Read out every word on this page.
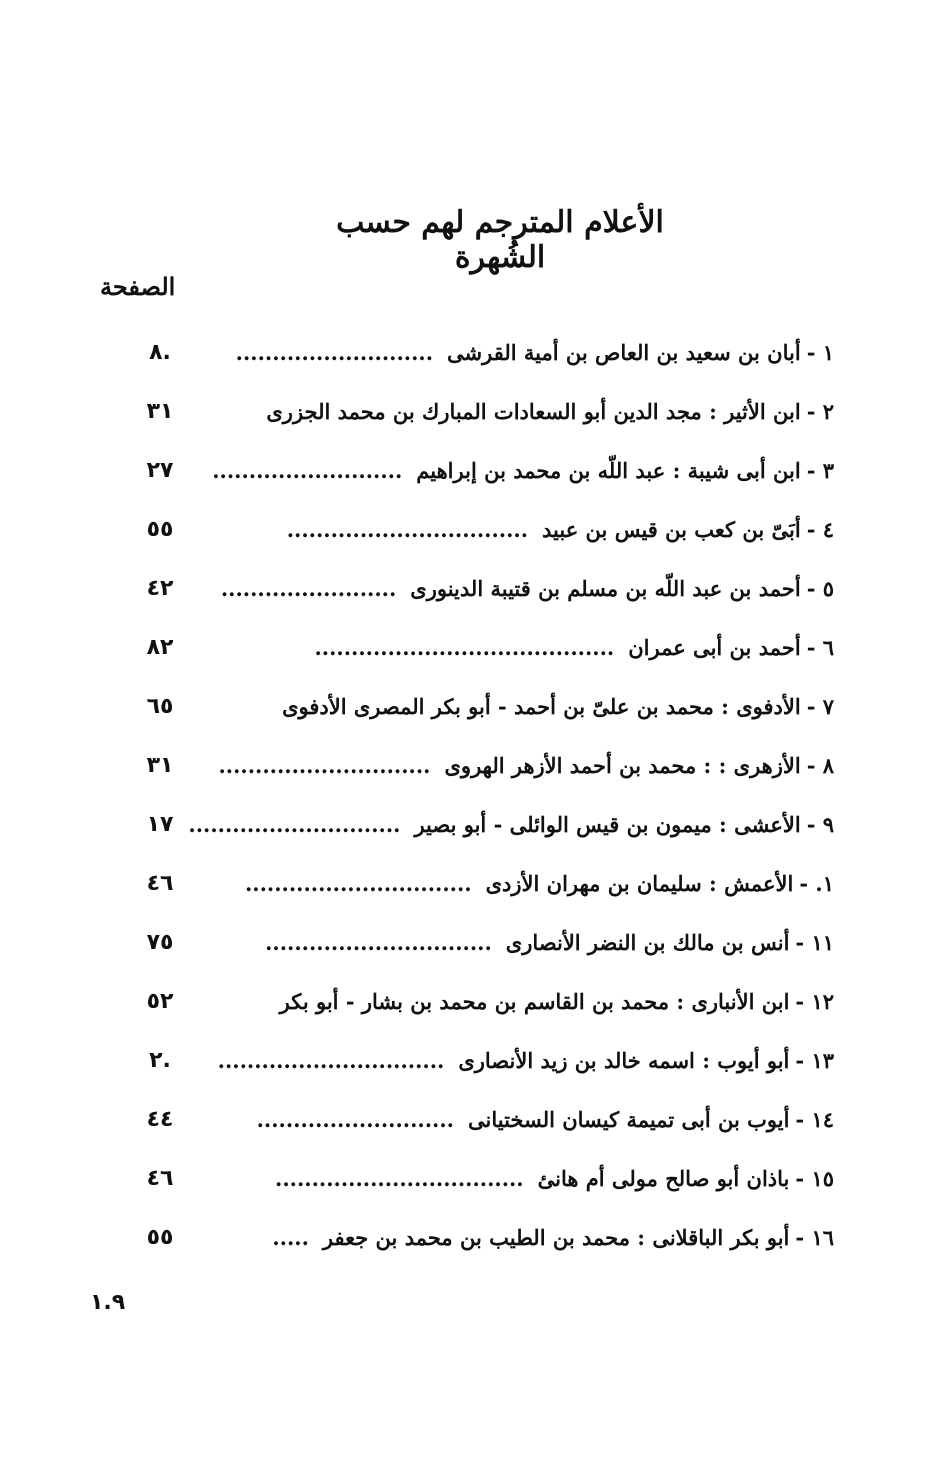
الأعلام المترجم لهم حسب الشُهرة
الصفحة
١ -أبان بن سعيد بن العاص بن أمية القرشى...........................
٨.
٢ -ابن الأثير : مجد الدين أبو السعادات المبارك بن محمد الجزرى
٣١
٣ -ابن أبى شيبة : عبد اللّه بن محمد بن إبراهيم..........................
٢٧
٤ -أبَىّ بن كعب بن قيس بن عبيد.................................
٥٥
٥ -أحمد بن عبد اللّه بن مسلم بن قتيبة الدينورى........................
٤٢
٦ -أحمد بن أبى عمران.........................................
٨٢
٧ -الأدفوى : محمد بن علىّ بن أحمد - أبو بكر المصرى الأدفوى
٦٥
٨ -الأزهرى : : محمد بن أحمد الأزهر الهروى.............................
٣١
٩ -الأعشى : ميمون بن قيس الوائلى - أبو بصير.............................
١٧
١. -الأعمش : سليمان بن مهران الأزدى...............................
٤٦
١١ -أنس بن مالك بن النضر الأنصارى...............................
٧٥
١٢ -ابن الأنبارى : محمد بن القاسم بن محمد بن بشار - أبو بكر
٥٢
١٣ -أبو أيوب : اسمه خالد بن زيد الأنصارى...............................
٢.
١٤ -أيوب بن أبى تميمة كيسان السختيانى...........................
٤٤
١٥ -باذان أبو صالح مولى أم هانئ..................................
٤٦
١٦ -أبو بكر الباقلانى : محمد بن الطيب بن محمد بن جعفر.....
٥٥
١.٩
